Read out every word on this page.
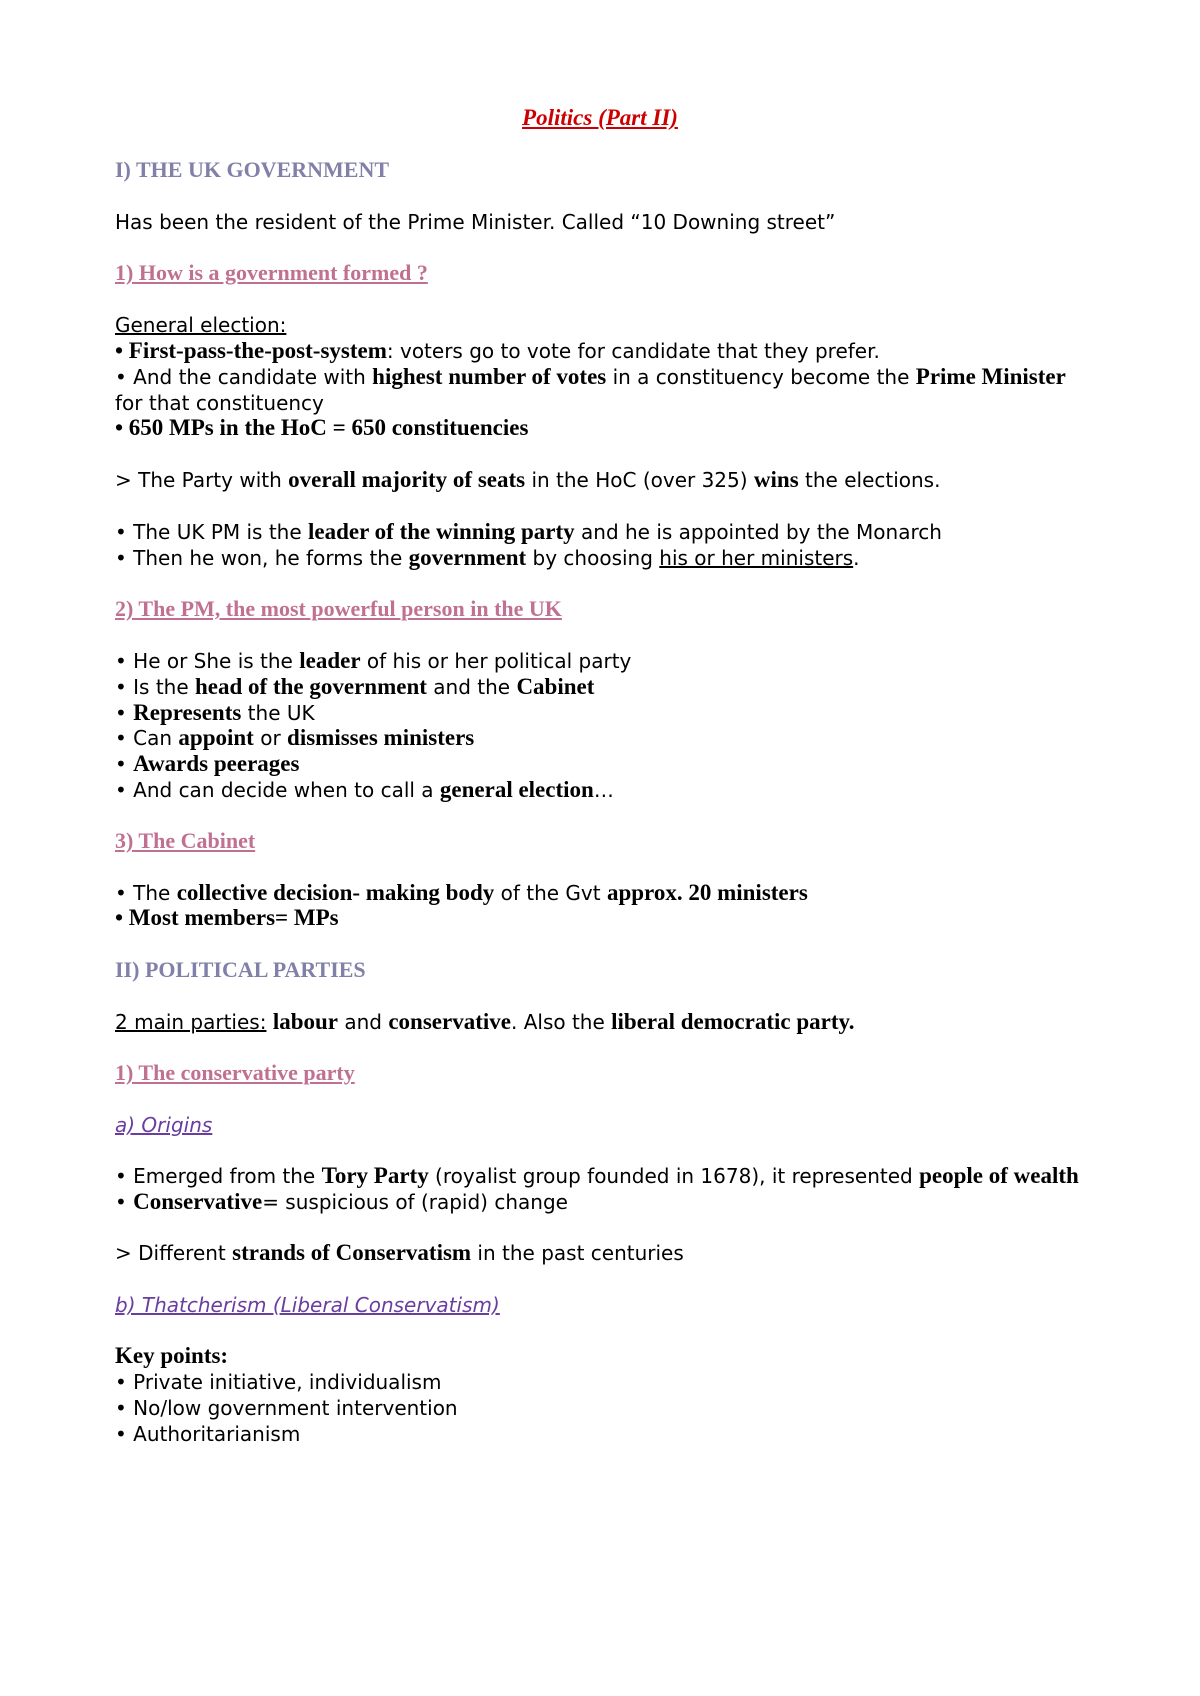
Politics (Part II)
I) THE UK GOVERNMENT
Has been the resident of the Prime Minister. Called “10 Downing street”
1) How is a government formed ?
General election:
• First-pass-the-post-system: voters go to vote for candidate that they prefer.
• And the candidate with highest number of votes in a constituency become the Prime Minister
for that constituency
• 650 MPs in the HoC = 650 constituencies
> The Party with overall majority of seats in the HoC (over 325) wins the elections.
• The UK PM is the leader of the winning party and he is appointed by the Monarch
• Then he won, he forms the government by choosing his or her ministers.
2) The PM, the most powerful person in the UK
• He or She is the leader of his or her political party
• Is the head of the government and the Cabinet
• Represents the UK
• Can appoint or dismisses ministers
• Awards peerages
• And can decide when to call a general election…
3) The Cabinet
• The collective decision- making body of the Gvt approx. 20 ministers
• Most members= MPs
II) POLITICAL PARTIES
2 main parties: labour and conservative. Also the liberal democratic party.
1) The conservative party
a) Origins
• Emerged from the Tory Party (royalist group founded in 1678), it represented people of wealth
• Conservative= suspicious of (rapid) change
> Different strands of Conservatism in the past centuries
b) Thatcherism (Liberal Conservatism)
Key points:
• Private initiative, individualism
• No/low government intervention
• Authoritarianism
